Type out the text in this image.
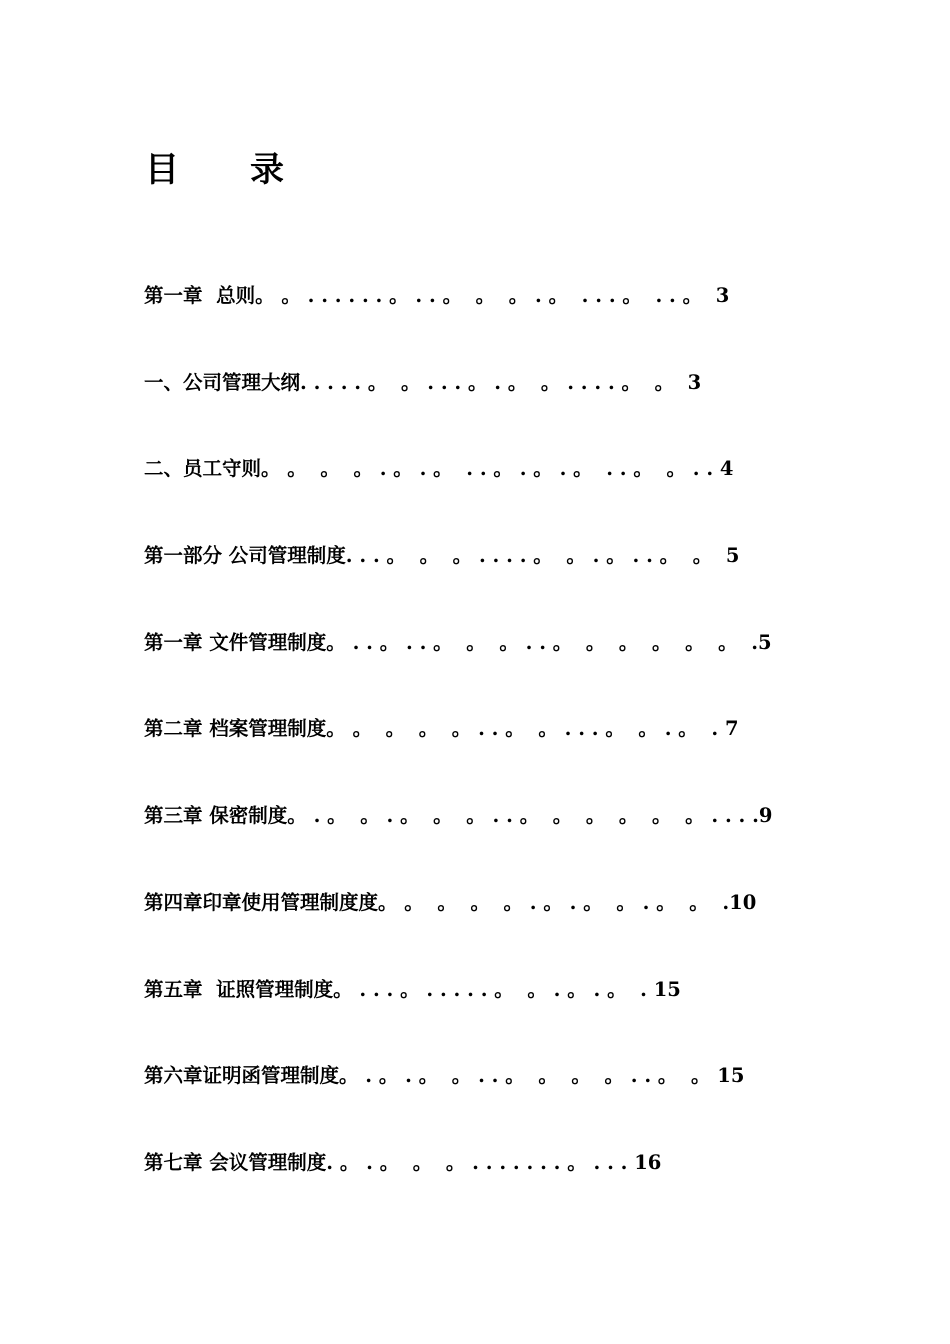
目      录
第一章  总则。 。 . . . . . . 。 . . 。  。  。 . 。  . . . 。  . . 。  3
一、公司管理大纲. . . . . 。  。 . . . 。 . 。  。 . . . . 。  。  3
二、员工守则。 。  。  。 . 。 . 。  . . 。 . 。 . 。  . . 。  。 . . 4
第一部分 公司管理制度. . . 。  。  。 . . . . 。  。 . 。 . . 。  。  5
第一章 文件管理制度。 . . 。 . . 。  。  。 . . 。  。  。  。  。  。  .5
第二章 档案管理制度。 。  。  。  。 . . 。  。 . . . 。  。 . 。  . 7
第三章 保密制度。 . 。  。 . 。  。  。 . . 。  。  。  。  。  。 . . . .9
第四章印章使用管理制度度。 。  。  。  。 . 。 . 。  。 . 。  。  .10
第五章  证照管理制度。 . . . 。 . . . . . 。  。 . 。 . 。  . 15
第六章证明函管理制度。 . 。 . 。  。 . . 。  。  。  。 . . 。  。 15
第七章 会议管理制度. 。 . 。  。  。 . . . . . . . 。 . . . 16
